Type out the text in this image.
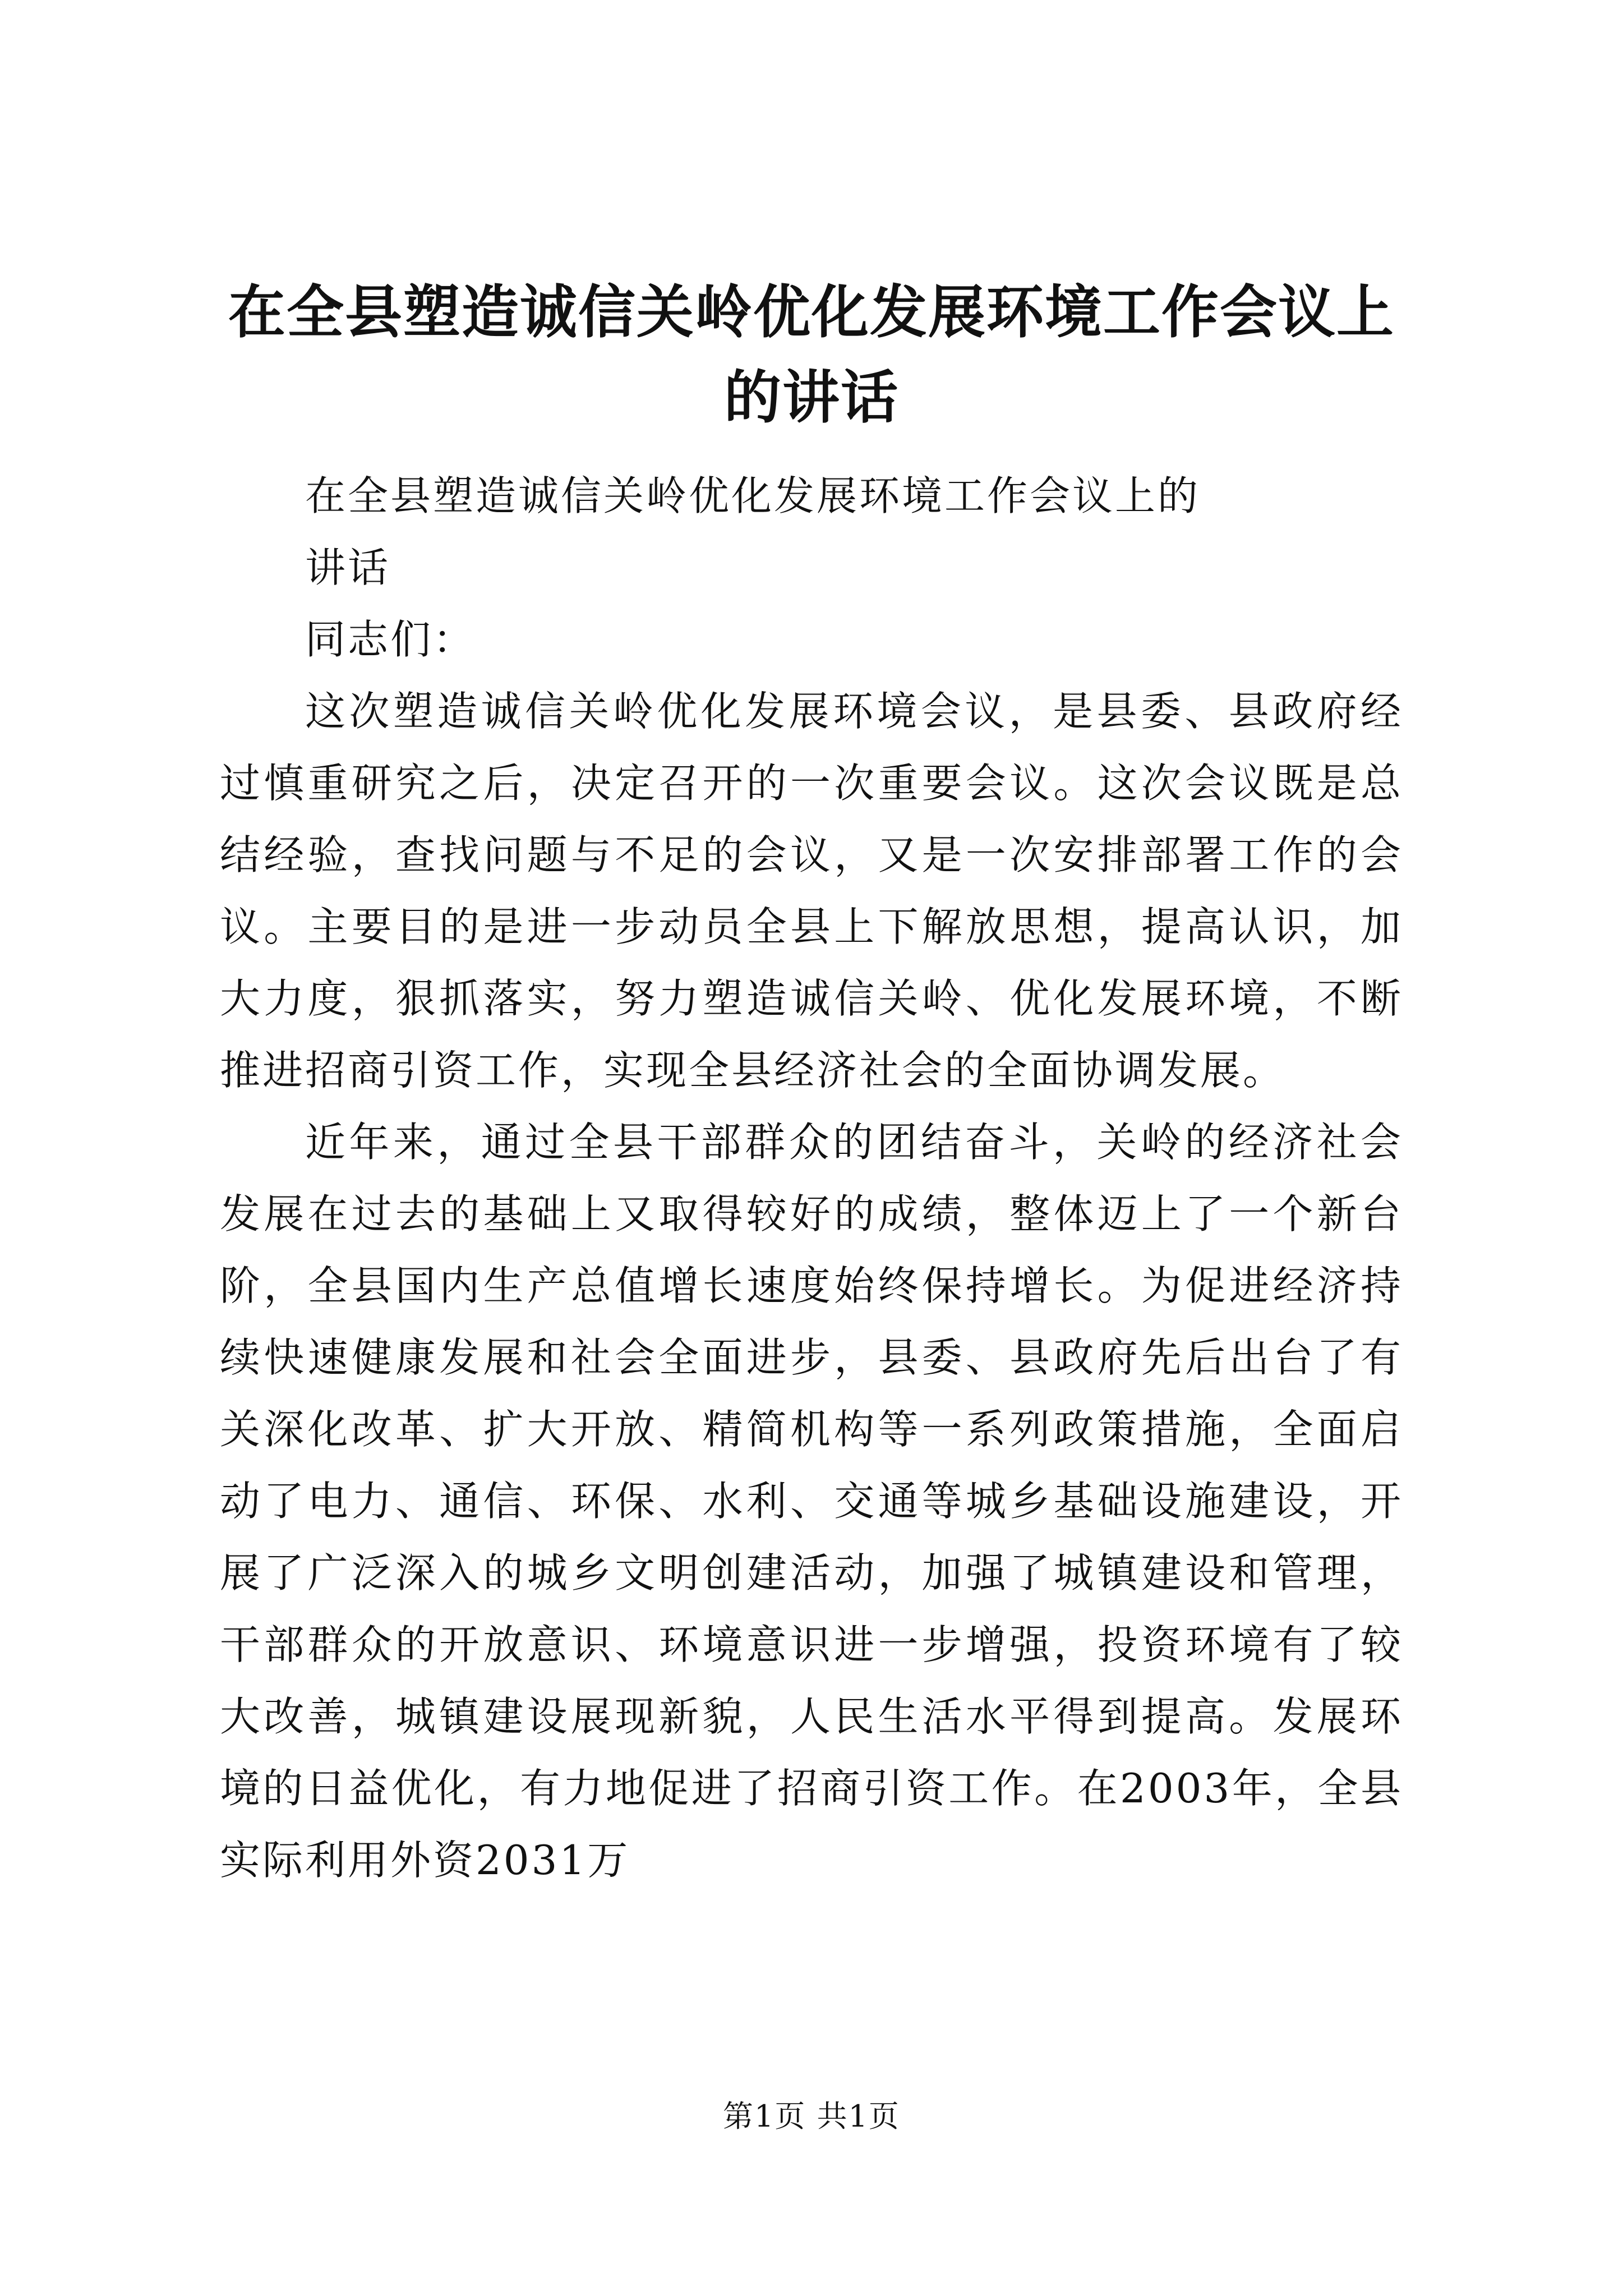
在全县塑造诚信关岭优化发展环境工作会议上的讲话

在全县塑造诚信关岭优化发展环境工作会议上的

讲话

同志们：

这次塑造诚信关岭优化发展环境会议，是县委、县政府经过慎重研究之后，决定召开的一次重要会议。这次会议既是总结经验，查找问题与不足的会议，又是一次安排部署工作的会议。主要目的是进一步动员全县上下解放思想，提高认识，加大力度，狠抓落实，努力塑造诚信关岭、优化发展环境，不断推进招商引资工作，实现全县经济社会的全面协调发展。

近年来，通过全县干部群众的团结奋斗，关岭的经济社会发展在过去的基础上又取得较好的成绩，整体迈上了一个新台阶，全县国内生产总值增长速度始终保持增长。为促进经济持续快速健康发展和社会全面进步，县委、县政府先后出台了有关深化改革、扩大开放、精简机构等一系列政策措施，全面启动了电力、通信、环保、水利、交通等城乡基础设施建设，开展了广泛深入的城乡文明创建活动，加强了城镇建设和管理，干部群众的开放意识、环境意识进一步增强，投资环境有了较大改善，城镇建设展现新貌，人民生活水平得到提高。发展环境的日益优化，有力地促进了招商引资工作。在2003年，全县实际利用外资2031万

第1页 共1页
